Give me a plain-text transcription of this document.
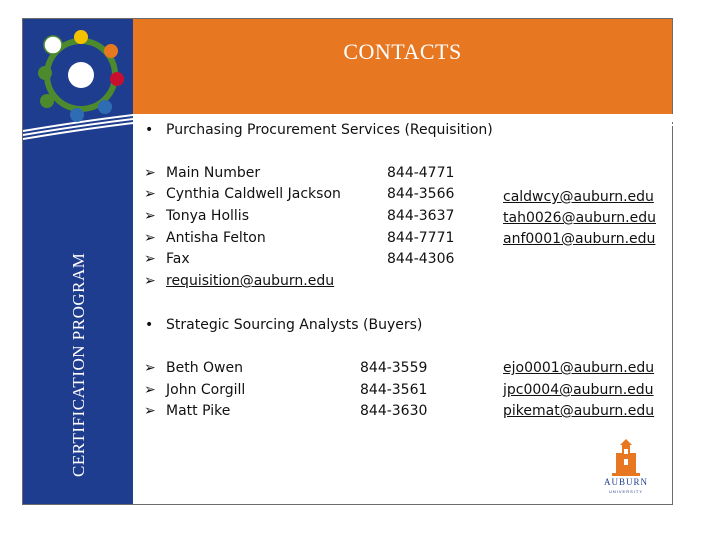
CONTACTS
CERTIFICATION PROGRAM
• Purchasing Procurement Services (Requisition)
➢ Main Number	844-4771
➢ Cynthia Caldwell Jackson	844-3566	caldwcy@auburn.edu
➢ Tonya Hollis	844-3637	tah0026@auburn.edu
➢ Antisha Felton	844-7771	anf0001@auburn.edu
➢ Fax	844-4306
➢ requisition@auburn.edu
• Strategic Sourcing Analysts (Buyers)
➢ Beth Owen	844-3559	ejo0001@auburn.edu
➢ John Corgill	844-3561	jpc0004@auburn.edu
➢ Matt Pike	844-3630	pikemat@auburn.edu
AUBURN
UNIVERSITY
